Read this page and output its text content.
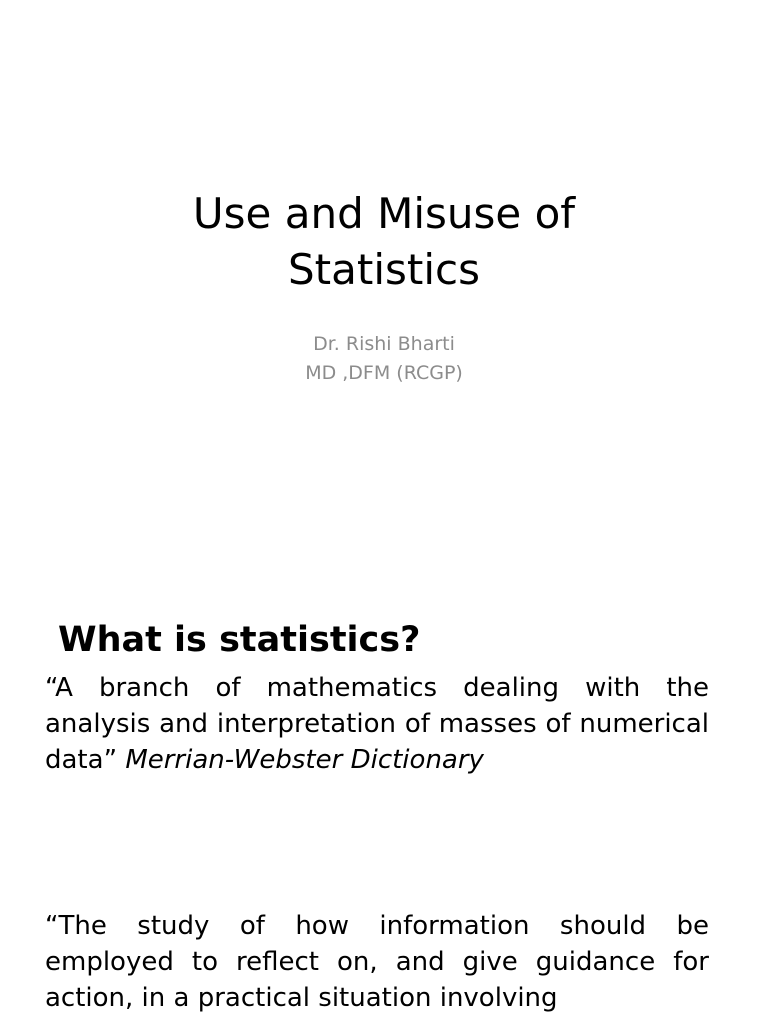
Use and Misuse of
Statistics
Dr. Rishi Bharti
MD ,DFM (RCGP)
What is statistics?

“A branch of mathematics dealing with the analysis and interpretation of masses of numerical data” Merrian-Webster Dictionary

“The study of how information should be employed to reflect on, and give guidance for action, in a practical situation involving
